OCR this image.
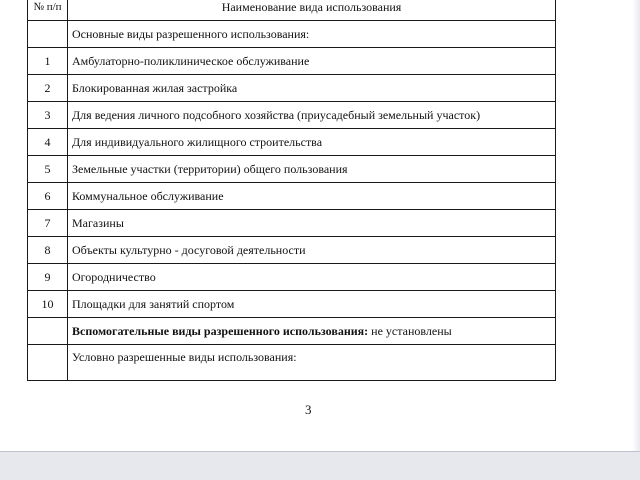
№ п/п	Наименование вида использования
	Основные виды разрешенного использования:
1	Амбулаторно-поликлиническое обслуживание
2	Блокированная жилая застройка
3	Для ведения личного подсобного хозяйства (приусадебный земельный участок)
4	Для индивидуального жилищного строительства
5	Земельные участки (территории) общего пользования
6	Коммунальное обслуживание
7	Магазины
8	Объекты культурно - досуговой деятельности
9	Огородничество
10	Площадки для занятий спортом
	Вспомогательные виды разрешенного использования: не установлены
	Условно разрешенные виды использования:
3
